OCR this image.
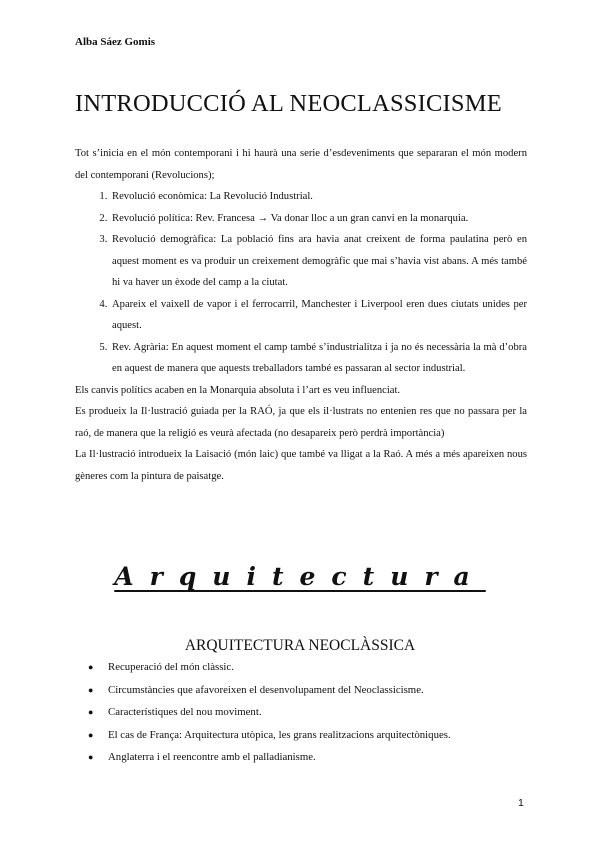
Alba Sáez Gomis
INTRODUCCIÓ AL NEOCLASSICISME

Tot s’inicia en el món contemporani i hi haurà una serie d’esdeveniments que separaran el món modern del contemporani (Revolucions);

1. Revolució econòmica: La Revolució Industrial.
2. Revolució política: Rev. Francesa → Va donar lloc a un gran canvi en la monarquia.
3. Revolució demogràfica: La població fins ara havia anat creixent de forma paulatina però en aquest moment es va produir un creixement demogràfic que mai s’havia vist abans. A més també hi va haver un èxode del camp a la ciutat.
4. Apareix el vaixell de vapor i el ferrocarril, Manchester i Liverpool eren dues ciutats unides per aquest.
5. Rev. Agrària: En aquest moment el camp també s’industrialitza i ja no és necessària la mà d’obra en aquest de manera que aquests treballadors també es passaran al sector industrial.

Els canvis polítics acaben en la Monarquia absoluta i l’art es veu influenciat.

Es produeix la Il·lustració guiada per la RAÓ, ja que els il·lustrats no entenien res que no passara per la raó, de manera que la religió es veurà afectada (no desapareix però perdrà importància)

La Il·lustració introdueix la Laisació (món laic) que també va lligat a la Raó. A més a més apareixen nous gèneres com la pintura de paisatge.

Arquitectura
ARQUITECTURA NEOCLÀSSICA
● Recuperació del món clàssic.
● Circumstàncies que afavoreixen el desenvolupament del Neoclassicisme.
● Característiques del nou moviment.
● El cas de França: Arquitectura utòpica, les grans realitzacions arquitectòniques.
● Anglaterra i el reencontre amb el palladianisme.
1
